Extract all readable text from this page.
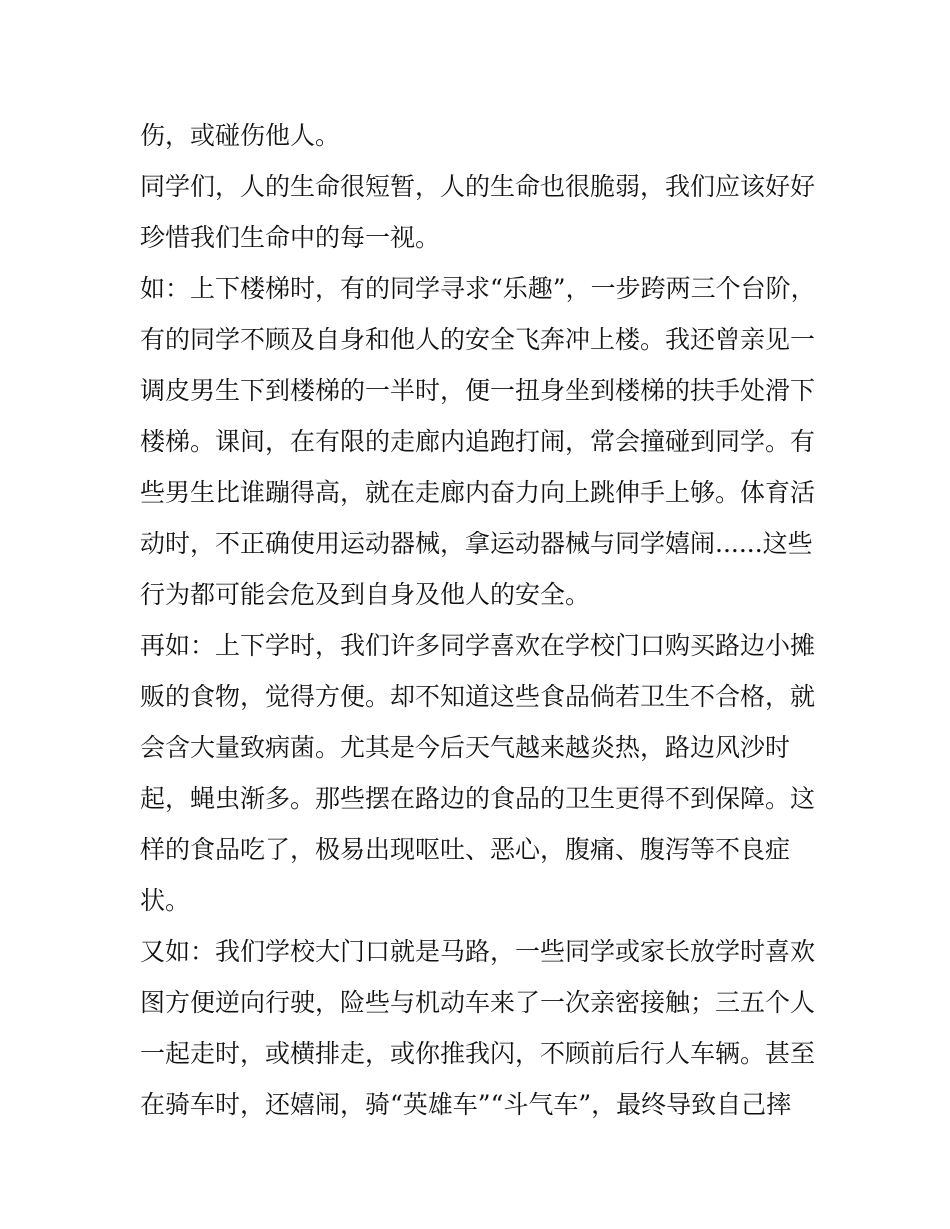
伤，或碰伤他人。
同学们，人的生命很短暂，人的生命也很脆弱，我们应该好好
珍惜我们生命中的每一视。
如：上下楼梯时，有的同学寻求“乐趣”，一步跨两三个台阶，
有的同学不顾及自身和他人的安全飞奔冲上楼。我还曾亲见一
调皮男生下到楼梯的一半时，便一扭身坐到楼梯的扶手处滑下
楼梯。课间，在有限的走廊内追跑打闹，常会撞碰到同学。有
些男生比谁蹦得高，就在走廊内奋力向上跳伸手上够。体育活
动时，不正确使用运动器械，拿运动器械与同学嬉闹......这些
行为都可能会危及到自身及他人的安全。
再如：上下学时，我们许多同学喜欢在学校门口购买路边小摊
贩的食物，觉得方便。却不知道这些食品倘若卫生不合格，就
会含大量致病菌。尤其是今后天气越来越炎热，路边风沙时
起，蝇虫渐多。那些摆在路边的食品的卫生更得不到保障。这
样的食品吃了，极易出现呕吐、恶心，腹痛、腹泻等不良症
状。
又如：我们学校大门口就是马路，一些同学或家长放学时喜欢
图方便逆向行驶，险些与机动车来了一次亲密接触；三五个人
一起走时，或横排走，或你推我闪，不顾前后行人车辆。甚至
在骑车时，还嬉闹，骑“英雄车”“斗气车”，最终导致自己摔
